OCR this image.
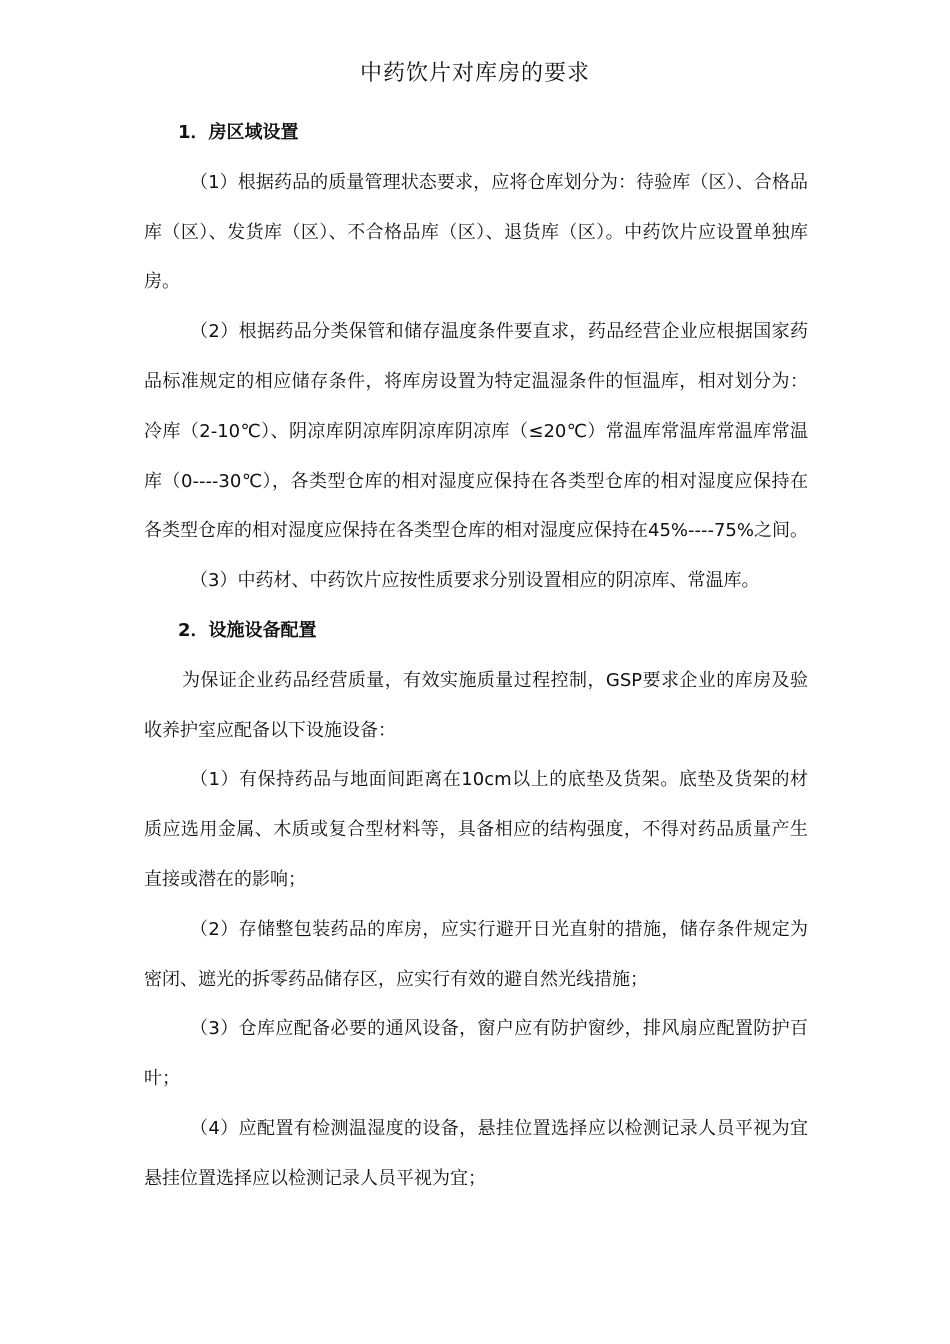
中药饮片对库房的要求

1．房区域设置

（1）根据药品的质量管理状态要求，应将仓库划分为：待验库（区）、合格品库（区）、发货库（区）、不合格品库（区）、退货库（区）。中药饮片应设置单独库房。

（2）根据药品分类保管和储存温度条件要直求，药品经营企业应根据国家药品标准规定的相应储存条件，将库房设置为特定温湿条件的恒温库，相对划分为：冷库（2-10℃）、阴凉库阴凉库阴凉库阴凉库（≤20℃）常温库常温库常温库常温库（0----30℃），各类型仓库的相对湿度应保持在各类型仓库的相对湿度应保持在各类型仓库的相对湿度应保持在各类型仓库的相对湿度应保持在45%----75%之间。

（3）中药材、中药饮片应按性质要求分别设置相应的阴凉库、常温库。

2．设施设备配置

为保证企业药品经营质量，有效实施质量过程控制，GSP要求企业的库房及验收养护室应配备以下设施设备：

（1）有保持药品与地面间距离在10cm以上的底垫及货架。底垫及货架的材质应选用金属、木质或复合型材料等，具备相应的结构强度，不得对药品质量产生直接或潜在的影响；

（2）存储整包装药品的库房，应实行避开日光直射的措施，储存条件规定为密闭、遮光的拆零药品储存区，应实行有效的避自然光线措施；

（3）仓库应配备必要的通风设备，窗户应有防护窗纱，排风扇应配置防护百叶；

（4）应配置有检测温湿度的设备，悬挂位置选择应以检测记录人员平视为宜悬挂位置选择应以检测记录人员平视为宜；
